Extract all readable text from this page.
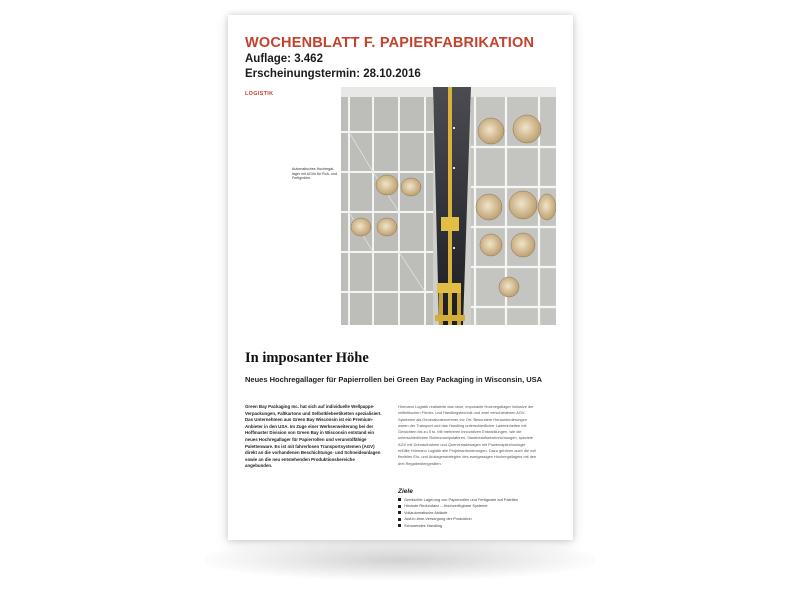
WOCHENBLATT F. PAPIERFABRIKATION
Auflage: 3.462
Erscheinungstermin: 28.10.2016
LOGISTIK
Automatisches Hochregal-lager mit AGVs für Roh- und Fertigrollen.
In imposanter Höhe
Neues Hochregallager für Papierrollen bei Green Bay Packaging in Wisconsin, USA
Green Bay Packaging Inc. hat sich auf individuelle Wellpappe-Verpackungen, Faltkartons und Selbstklebeetiketten spezialisiert. Das Unternehmen aus Green Bay Wisconsin ist ein Premium-Anbieter in den USA. Im Zuge einer Werkserweiterung bei der Hoffmaster Division von Green Bay in Wisconsin entstand ein neues Hochregallager für Papierrollen und verunstdfähige Palettenware. Es ist mit fahrerlosen Transportsystemen (AGV) direkt an die vorhandenen Beschichtungs- und Schneideanlagen sowie an die neu entstehenden Produktionsbereiche angebunden.
Hörmann Logistik realisierte das neue, imposante Hochregallager inklusive der zeitkritischen Förder- und Handlingstechnik und zwei verschiedenen AGV-Systemen als Generalunternehmer vor Ort. Besondere Herausforderungen waren der Transport und das Handling unterschiedlicher Ladeeinheiten mit Gewichten bis zu 5 to. Mit mehreren innovativen Entwicklungen, wie die unterschiedlichen Rollenmanipulatoren, Sauebeaufsetzeinrichtungen, speziele AGV mit Dornaufnahme und Querverladewagen mit Powercaptechnologie erfüllte Hörmann Logistik alle Projektanforderungen. Dazu gehören auch die voll flexiblen Ein- und Auslagerstrategien des zweigassigen Hochregallagers mit den drei Regalbediengeräten.
Ziele
Gemischte Lagerung von Papierrollen und Fertigware auf Paletten
Höchste Redundanz – Hochverfügbare Systeme
Vollautomatische Abläufe
Just-in-time-Versorgung der Produktion
Schonendes Handling
